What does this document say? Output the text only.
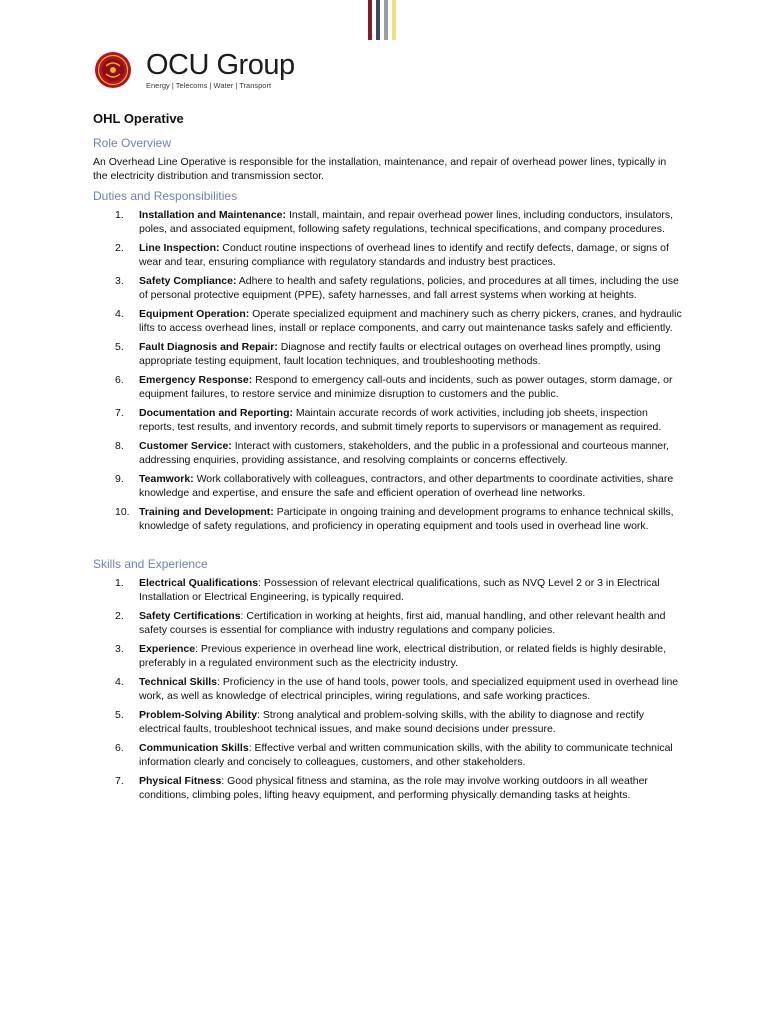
OCU Group
Energy | Telecoms | Water | Transport
OHL Operative
Role Overview

An Overhead Line Operative is responsible for the installation, maintenance, and repair of overhead power lines, typically in the electricity distribution and transmission sector.

Duties and Responsibilities
1. Installation and Maintenance: Install, maintain, and repair overhead power lines, including conductors, insulators, poles, and associated equipment, following safety regulations, technical specifications, and company procedures.
2. Line Inspection: Conduct routine inspections of overhead lines to identify and rectify defects, damage, or signs of wear and tear, ensuring compliance with regulatory standards and industry best practices.
3. Safety Compliance: Adhere to health and safety regulations, policies, and procedures at all times, including the use of personal protective equipment (PPE), safety harnesses, and fall arrest systems when working at heights.
4. Equipment Operation: Operate specialized equipment and machinery such as cherry pickers, cranes, and hydraulic lifts to access overhead lines, install or replace components, and carry out maintenance tasks safely and efficiently.
5. Fault Diagnosis and Repair: Diagnose and rectify faults or electrical outages on overhead lines promptly, using appropriate testing equipment, fault location techniques, and troubleshooting methods.
6. Emergency Response: Respond to emergency call-outs and incidents, such as power outages, storm damage, or equipment failures, to restore service and minimize disruption to customers and the public.
7. Documentation and Reporting: Maintain accurate records of work activities, including job sheets, inspection reports, test results, and inventory records, and submit timely reports to supervisors or management as required.
8. Customer Service: Interact with customers, stakeholders, and the public in a professional and courteous manner, addressing enquiries, providing assistance, and resolving complaints or concerns effectively.
9. Teamwork: Work collaboratively with colleagues, contractors, and other departments to coordinate activities, share knowledge and expertise, and ensure the safe and efficient operation of overhead line networks.
10. Training and Development: Participate in ongoing training and development programs to enhance technical skills, knowledge of safety regulations, and proficiency in operating equipment and tools used in overhead line work.
Skills and Experience
1. Electrical Qualifications: Possession of relevant electrical qualifications, such as NVQ Level 2 or 3 in Electrical Installation or Electrical Engineering, is typically required.
2. Safety Certifications: Certification in working at heights, first aid, manual handling, and other relevant health and safety courses is essential for compliance with industry regulations and company policies.
3. Experience: Previous experience in overhead line work, electrical distribution, or related fields is highly desirable, preferably in a regulated environment such as the electricity industry.
4. Technical Skills: Proficiency in the use of hand tools, power tools, and specialized equipment used in overhead line work, as well as knowledge of electrical principles, wiring regulations, and safe working practices.
5. Problem-Solving Ability: Strong analytical and problem-solving skills, with the ability to diagnose and rectify electrical faults, troubleshoot technical issues, and make sound decisions under pressure.
6. Communication Skills: Effective verbal and written communication skills, with the ability to communicate technical information clearly and concisely to colleagues, customers, and other stakeholders.
7. Physical Fitness: Good physical fitness and stamina, as the role may involve working outdoors in all weather conditions, climbing poles, lifting heavy equipment, and performing physically demanding tasks at heights.
